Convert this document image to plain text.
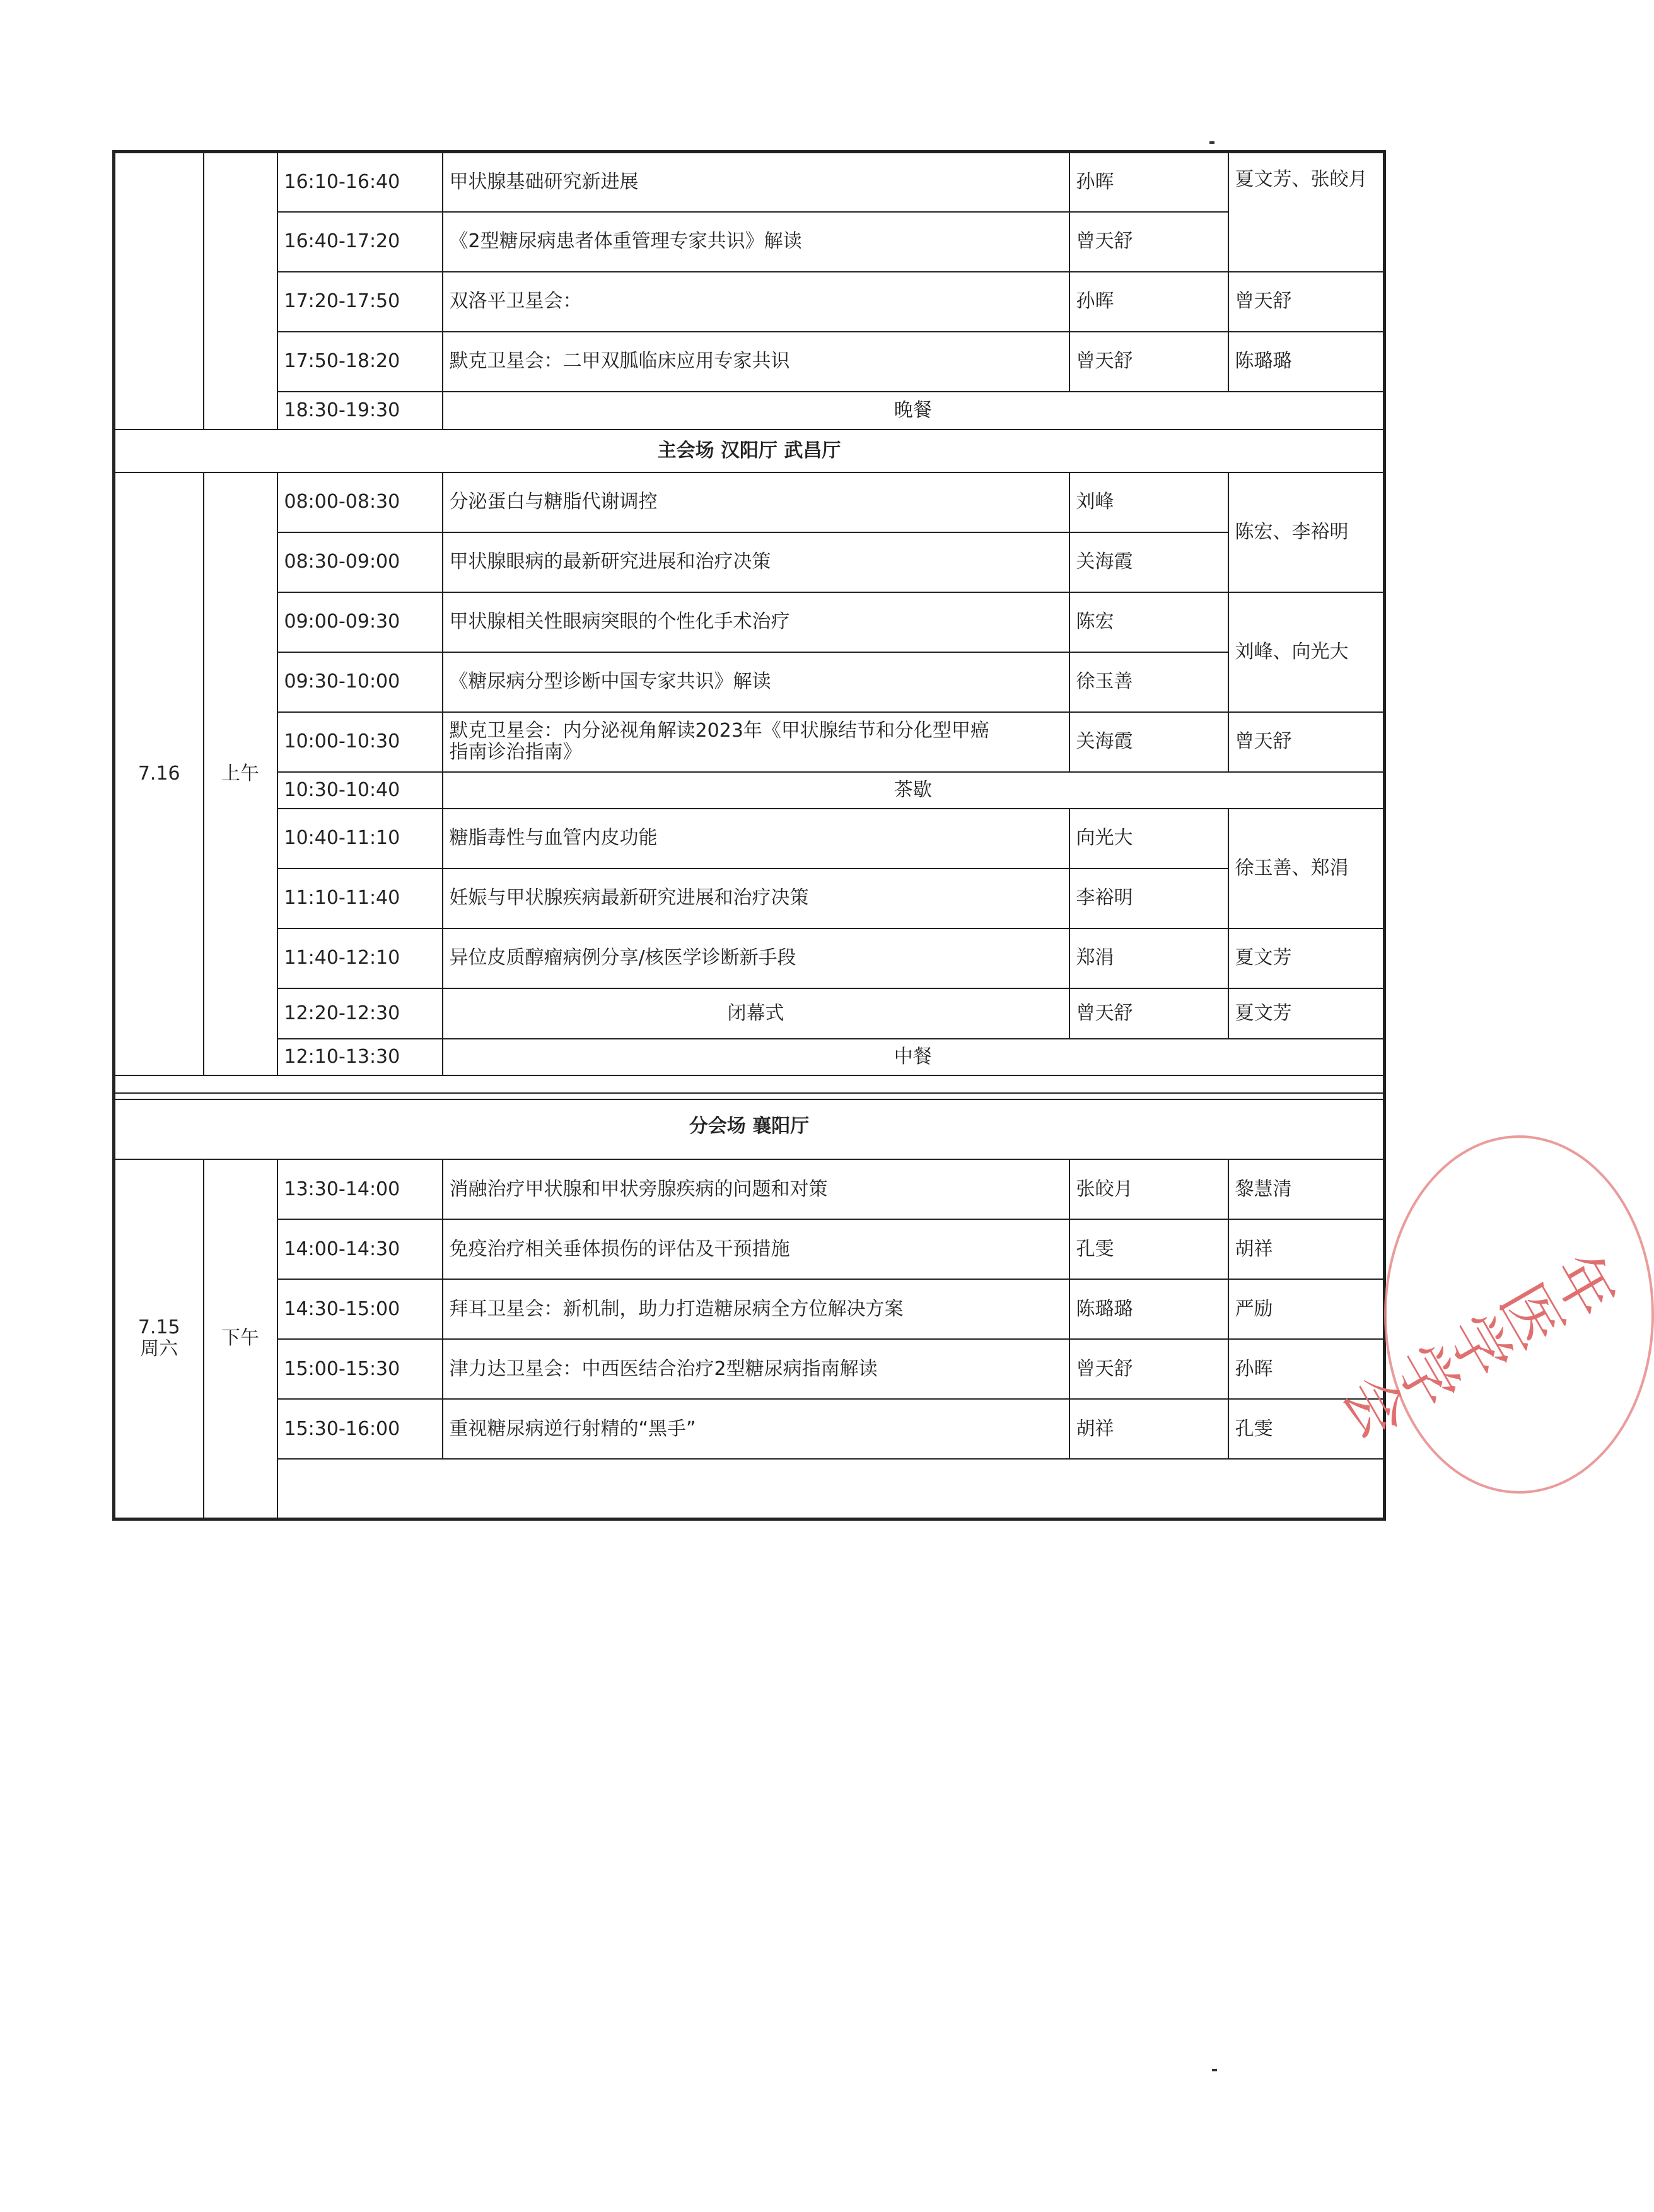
		16:10-16:40	甲状腺基础研究新进展	孙晖	夏文芳、张皎月
		16:40-17:20	《2型糖尿病患者体重管理专家共识》解读	曾天舒	
		17:20-17:50	双洛平卫星会：	孙晖	曾天舒
		17:50-18:20	默克卫星会：二甲双胍临床应用专家共识	曾天舒	陈璐璐
		18:30-19:30	晚餐		
主会场 汉阳厅 武昌厅					
7.16	上午	08:00-08:30	分泌蛋白与糖脂代谢调控	刘峰	陈宏、李裕明
		08:30-09:00	甲状腺眼病的最新研究进展和治疗决策	关海霞	
		09:00-09:30	甲状腺相关性眼病突眼的个性化手术治疗	陈宏	刘峰、向光大
		09:30-10:00	《糖尿病分型诊断中国专家共识》解读	徐玉善	
		10:00-10:30	默克卫星会：内分泌视角解读2023年《甲状腺结节和分化型甲癌
指南诊治指南》	关海霞	曾天舒
		10:30-10:40	茶歇		
		10:40-11:10	糖脂毒性与血管内皮功能	向光大	徐玉善、郑涓
		11:10-11:40	妊娠与甲状腺疾病最新研究进展和治疗决策	李裕明	
		11:40-12:10	异位皮质醇瘤病例分享/核医学诊断新手段	郑涓	夏文芳
		12:20-12:30	闭幕式	曾天舒	夏文芳
		12:10-13:30	中餐		

分会场 襄阳厅					

7.15
周六	下午	13:30-14:00	消融治疗甲状腺和甲状旁腺疾病的问题和对策	张皎月	黎慧清
		14:00-14:30	免疫治疗相关垂体损伤的评估及干预措施	孔雯	胡祥
		14:30-15:00	拜耳卫星会：新机制，助力打造糖尿病全方位解决方案	陈璐璐	严励
		15:00-15:30	津力达卫星会：中西医结合治疗2型糖尿病指南解读	曾天舒	孙晖
		15:30-16:00	重视糖尿病逆行射精的“黑手”	胡祥	孔雯 年医学学会
